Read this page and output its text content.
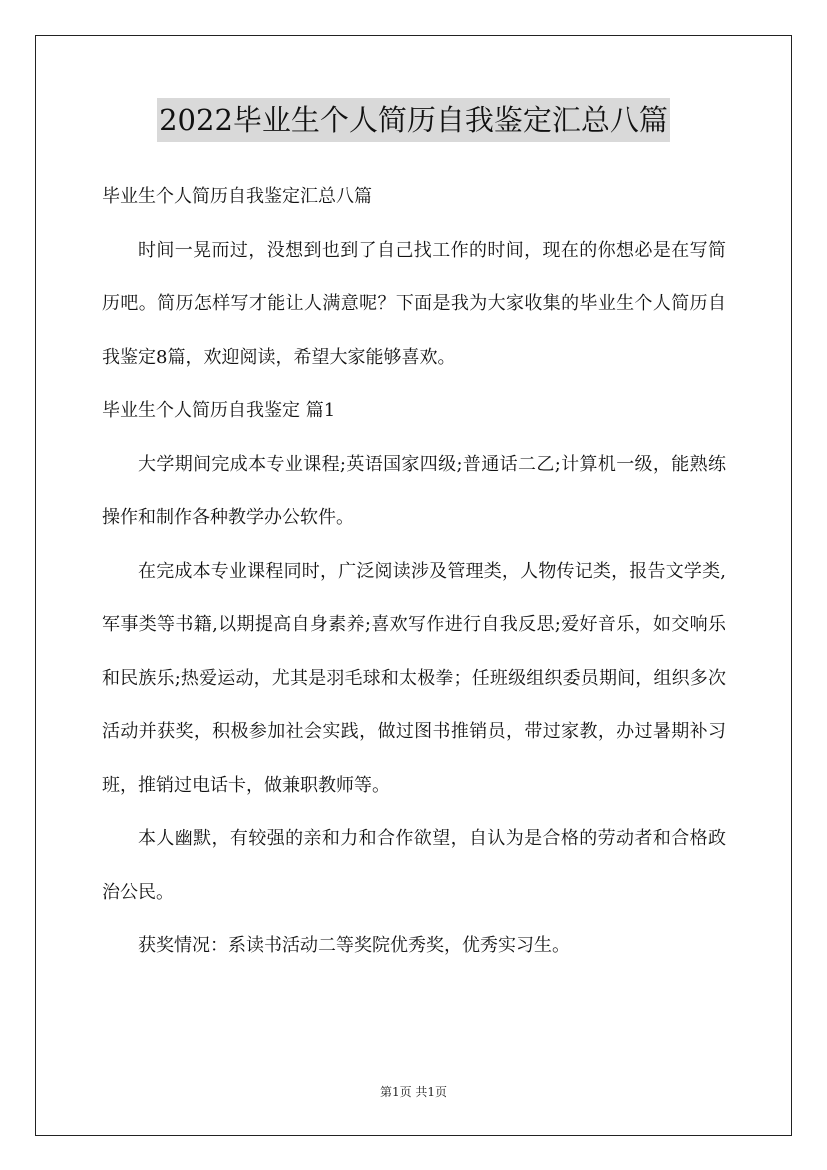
2022毕业生个人简历自我鉴定汇总八篇

毕业生个人简历自我鉴定汇总八篇

时间一晃而过，没想到也到了自己找工作的时间，现在的你想必是在写简历吧。简历怎样写才能让人满意呢？下面是我为大家收集的毕业生个人简历自我鉴定8篇，欢迎阅读，希望大家能够喜欢。

毕业生个人简历自我鉴定 篇1

大学期间完成本专业课程;英语国家四级;普通话二乙;计算机一级，能熟练操作和制作各种教学办公软件。

在完成本专业课程同时，广泛阅读涉及管理类，人物传记类，报告文学类,军事类等书籍,以期提高自身素养;喜欢写作进行自我反思;爱好音乐，如交响乐和民族乐;热爱运动，尤其是羽毛球和太极拳；任班级组织委员期间，组织多次活动并获奖，积极参加社会实践，做过图书推销员，带过家教，办过暑期补习班，推销过电话卡，做兼职教师等。

本人幽默，有较强的亲和力和合作欲望，自认为是合格的劳动者和合格政治公民。

获奖情况：系读书活动二等奖院优秀奖，优秀实习生。

第1页 共1页
